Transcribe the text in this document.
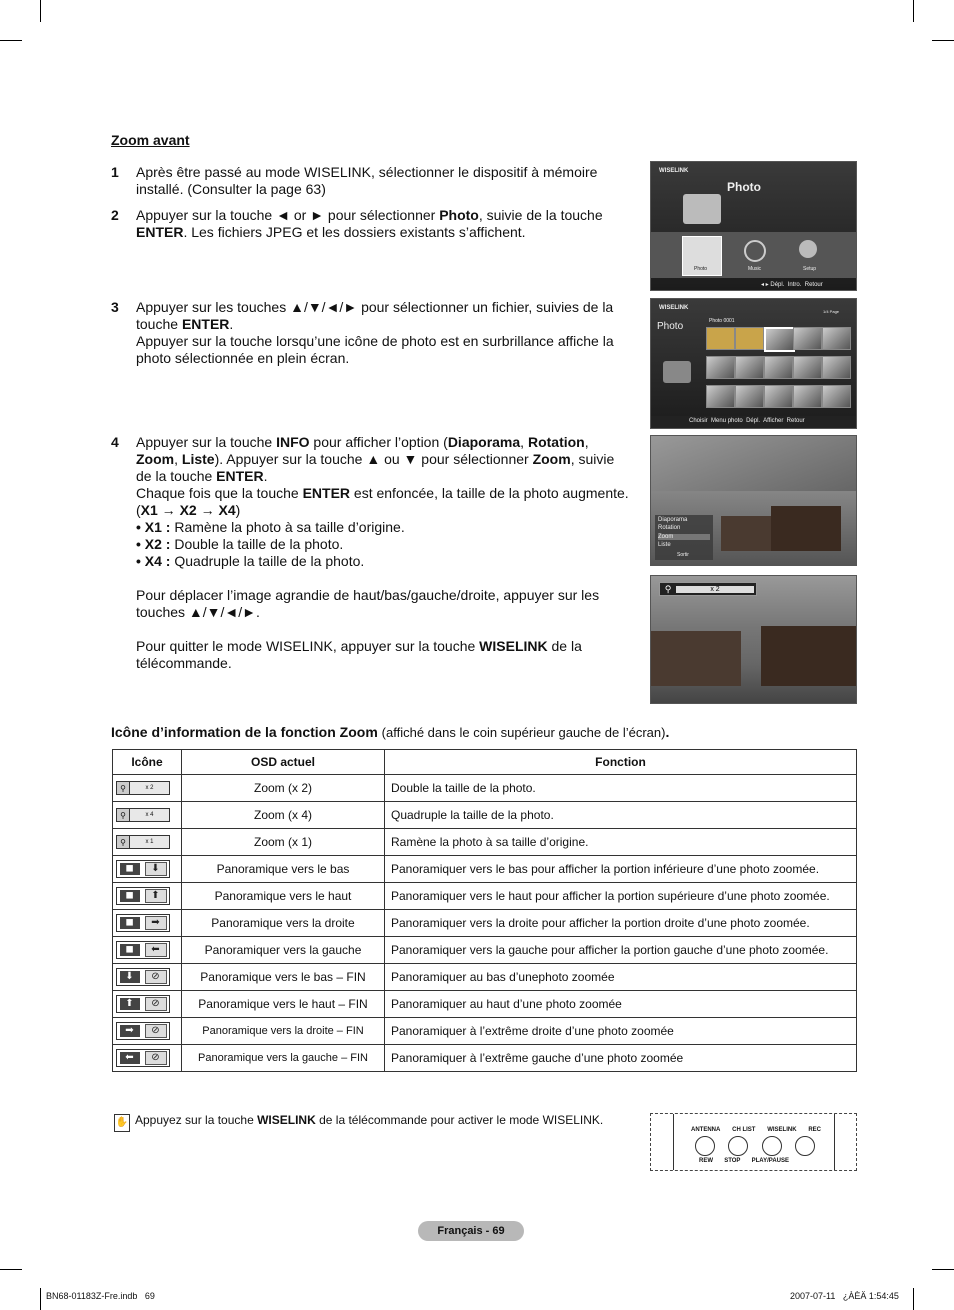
Zoom avant
1 Après être passé au mode WISELINK, sélectionner le dispositif à mémoire installé. (Consulter la page 63)
2 Appuyer sur la touche ◄ or ► pour sélectionner Photo, suivie de la touche ENTER. Les fichiers JPEG et les dossiers existants s’affichent.
3 Appuyer sur les touches ▲/▼/◄/► pour sélectionner un fichier, suivies de la touche ENTER.
Appuyer sur la touche lorsqu’une icône de photo est en surbrillance affiche la photo sélectionnée en plein écran.
4 Appuyer sur la touche INFO pour afficher l’option (Diaporama, Rotation, Zoom, Liste). Appuyer sur la touche ▲ ou ▼ pour sélectionner Zoom, suivie de la touche ENTER.
Chaque fois que la touche ENTER est enfoncée, la taille de la photo augmente. (X1 → X2 → X4)
• X1 : Ramène la photo à sa taille d’origine.
• X2 : Double la taille de la photo.
• X4 : Quadruple la taille de la photo.

Pour déplacer l’image agrandie de haut/bas/gauche/droite, appuyer sur les touches ▲/▼/◄/►.

Pour quitter le mode WISELINK, appuyer sur la touche WISELINK de la télécommande.
WISELINK
Photo
Photo	Music	Setup
◂ ▸ Dépl. Intro. Retour
WISELINK
Photo	Photo 0001
1/4 Page
Choisir Menu photo Dépl. Afficher Retour
Diaporama
Rotation
Zoom
Liste
Sortir
⚲	x 2
Icône d’information de la fonction Zoom (affiché dans le coin supérieur gauche de l’écran).
Icône	OSD actuel	Fonction

⚲ x 2	Zoom (x 2)	Double la taille de la photo.

⚲ x 4	Zoom (x 4)	Quadruple la taille de la photo.

⚲ x 1	Zoom (x 1)	Ramène la photo à sa taille d’origine.

◼ ⬇	Panoramique vers le bas	Panoramiquer vers le bas pour afficher la portion inférieure d’une photo zoomée.

◼ ⬆	Panoramique vers le haut	Panoramiquer vers le haut pour afficher la portion supérieure d’une photo zoomée.

◼ ➡	Panoramique vers la droite	Panoramiquer vers la droite pour afficher la portion droite d’une photo zoomée.

◼ ⬅	Panoramiquer vers la gauche	Panoramiquer vers la gauche pour afficher la portion gauche d’une photo zoomée.

⬇ ⊘	Panoramique vers le bas – FIN	Panoramiquer au bas d’unephoto zoomée

⬆ ⊘	Panoramique vers le haut – FIN	Panoramiquer au haut d’une photo zoomée

➡ ⊘	Panoramique vers la droite – FIN	Panoramiquer à l’extrême droite d’une photo zoomée

⬅ ⊘	Panoramique vers la gauche – FIN	Panoramiquer à l’extrême gauche d’une photo zoomée
✋ Appuyez sur la touche WISELINK de la télécommande pour activer le mode WISELINK.
ANTENNA CH LIST WISELINK REC
REW STOP PLAY/PAUSE
Français - 69
BN68-01183Z-Fre.indb   69	2007-07-11   ¿ÀÈÄ 1:54:45
